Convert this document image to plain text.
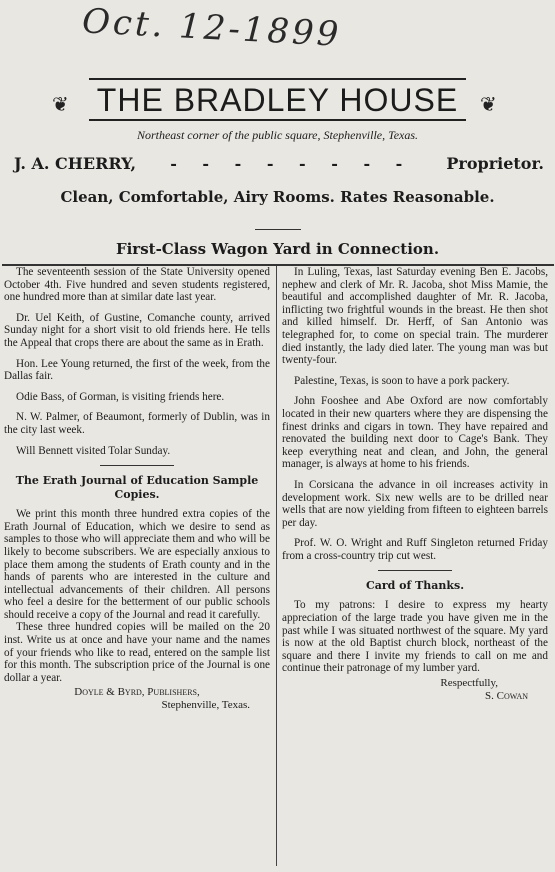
Oct. 12-1899
❦	❦
THE BRADLEY HOUSE
Northeast corner of the public square, Stephenville, Texas.
J. A. CHERRY, - - - - - - - - Proprietor.
Clean, Comfortable, Airy Rooms. Rates Reasonable.
First-Class Wagon Yard in Connection.

The seventeenth session of the State University opened October 4th. Five hundred and seven students registered, one hundred more than at similar date last year.

Dr. Uel Keith, of Gustine, Comanche county, arrived Sunday night for a short visit to old friends here. He tells the Appeal that crops there are about the same as in Erath.

Hon. Lee Young returned, the first of the week, from the Dallas fair.

Odie Bass, of Gorman, is visiting friends here.

N. W. Palmer, of Beaumont, formerly of Dublin, was in the city last week.

Will Bennett visited Tolar Sunday.

The Erath Journal of Education Sample Copies.

We print this month three hundred extra copies of the Erath Journal of Education, which we desire to send as samples to those who will appreciate them and who will be likely to become subscribers. We are especially anxious to place them among the students of Erath county and in the hands of parents who are interested in the culture and intellectual advancements of their children. All persons who feel a desire for the betterment of our public schools should receive a copy of the Journal and read it carefully.

These three hundred copies will be mailed on the 20 inst. Write us at once and have your name and the names of your friends who like to read, entered on the sample list for this month. The subscription price of the Journal is one dollar a year.

Doyle & Byrd, Publishers,
Stephenville, Texas.

In Luling, Texas, last Saturday evening Ben E. Jacobs, nephew and clerk of Mr. R. Jacoba, shot Miss Mamie, the beautiful and accomplished daughter of Mr. R. Jacoba, inflicting two frightful wounds in the breast. He then shot and killed himself. Dr. Herff, of San Antonio was telegraphed for, to come on special train. The murderer died instantly, the lady died later. The young man was but twenty-four.

Palestine, Texas, is soon to have a pork packery.

John Fooshee and Abe Oxford are now comfortably located in their new quarters where they are dispensing the finest drinks and cigars in town. They have repaired and renovated the building next door to Cage's Bank. They keep everything neat and clean, and John, the general manager, is always at home to his friends.

In Corsicana the advance in oil increases activity in development work. Six new wells are to be drilled near wells that are now yielding from fifteen to eighteen barrels per day.

Prof. W. O. Wright and Ruff Singleton returned Friday from a cross-country trip cut west.

Card of Thanks.

To my patrons: I desire to express my hearty appreciation of the large trade you have given me in the past while I was situated northwest of the square. My yard is now at the old Baptist church block, northeast of the square and there I invite my friends to call on me and continue their patronage of my lumber yard.

Respectfully,
S. Cowan
